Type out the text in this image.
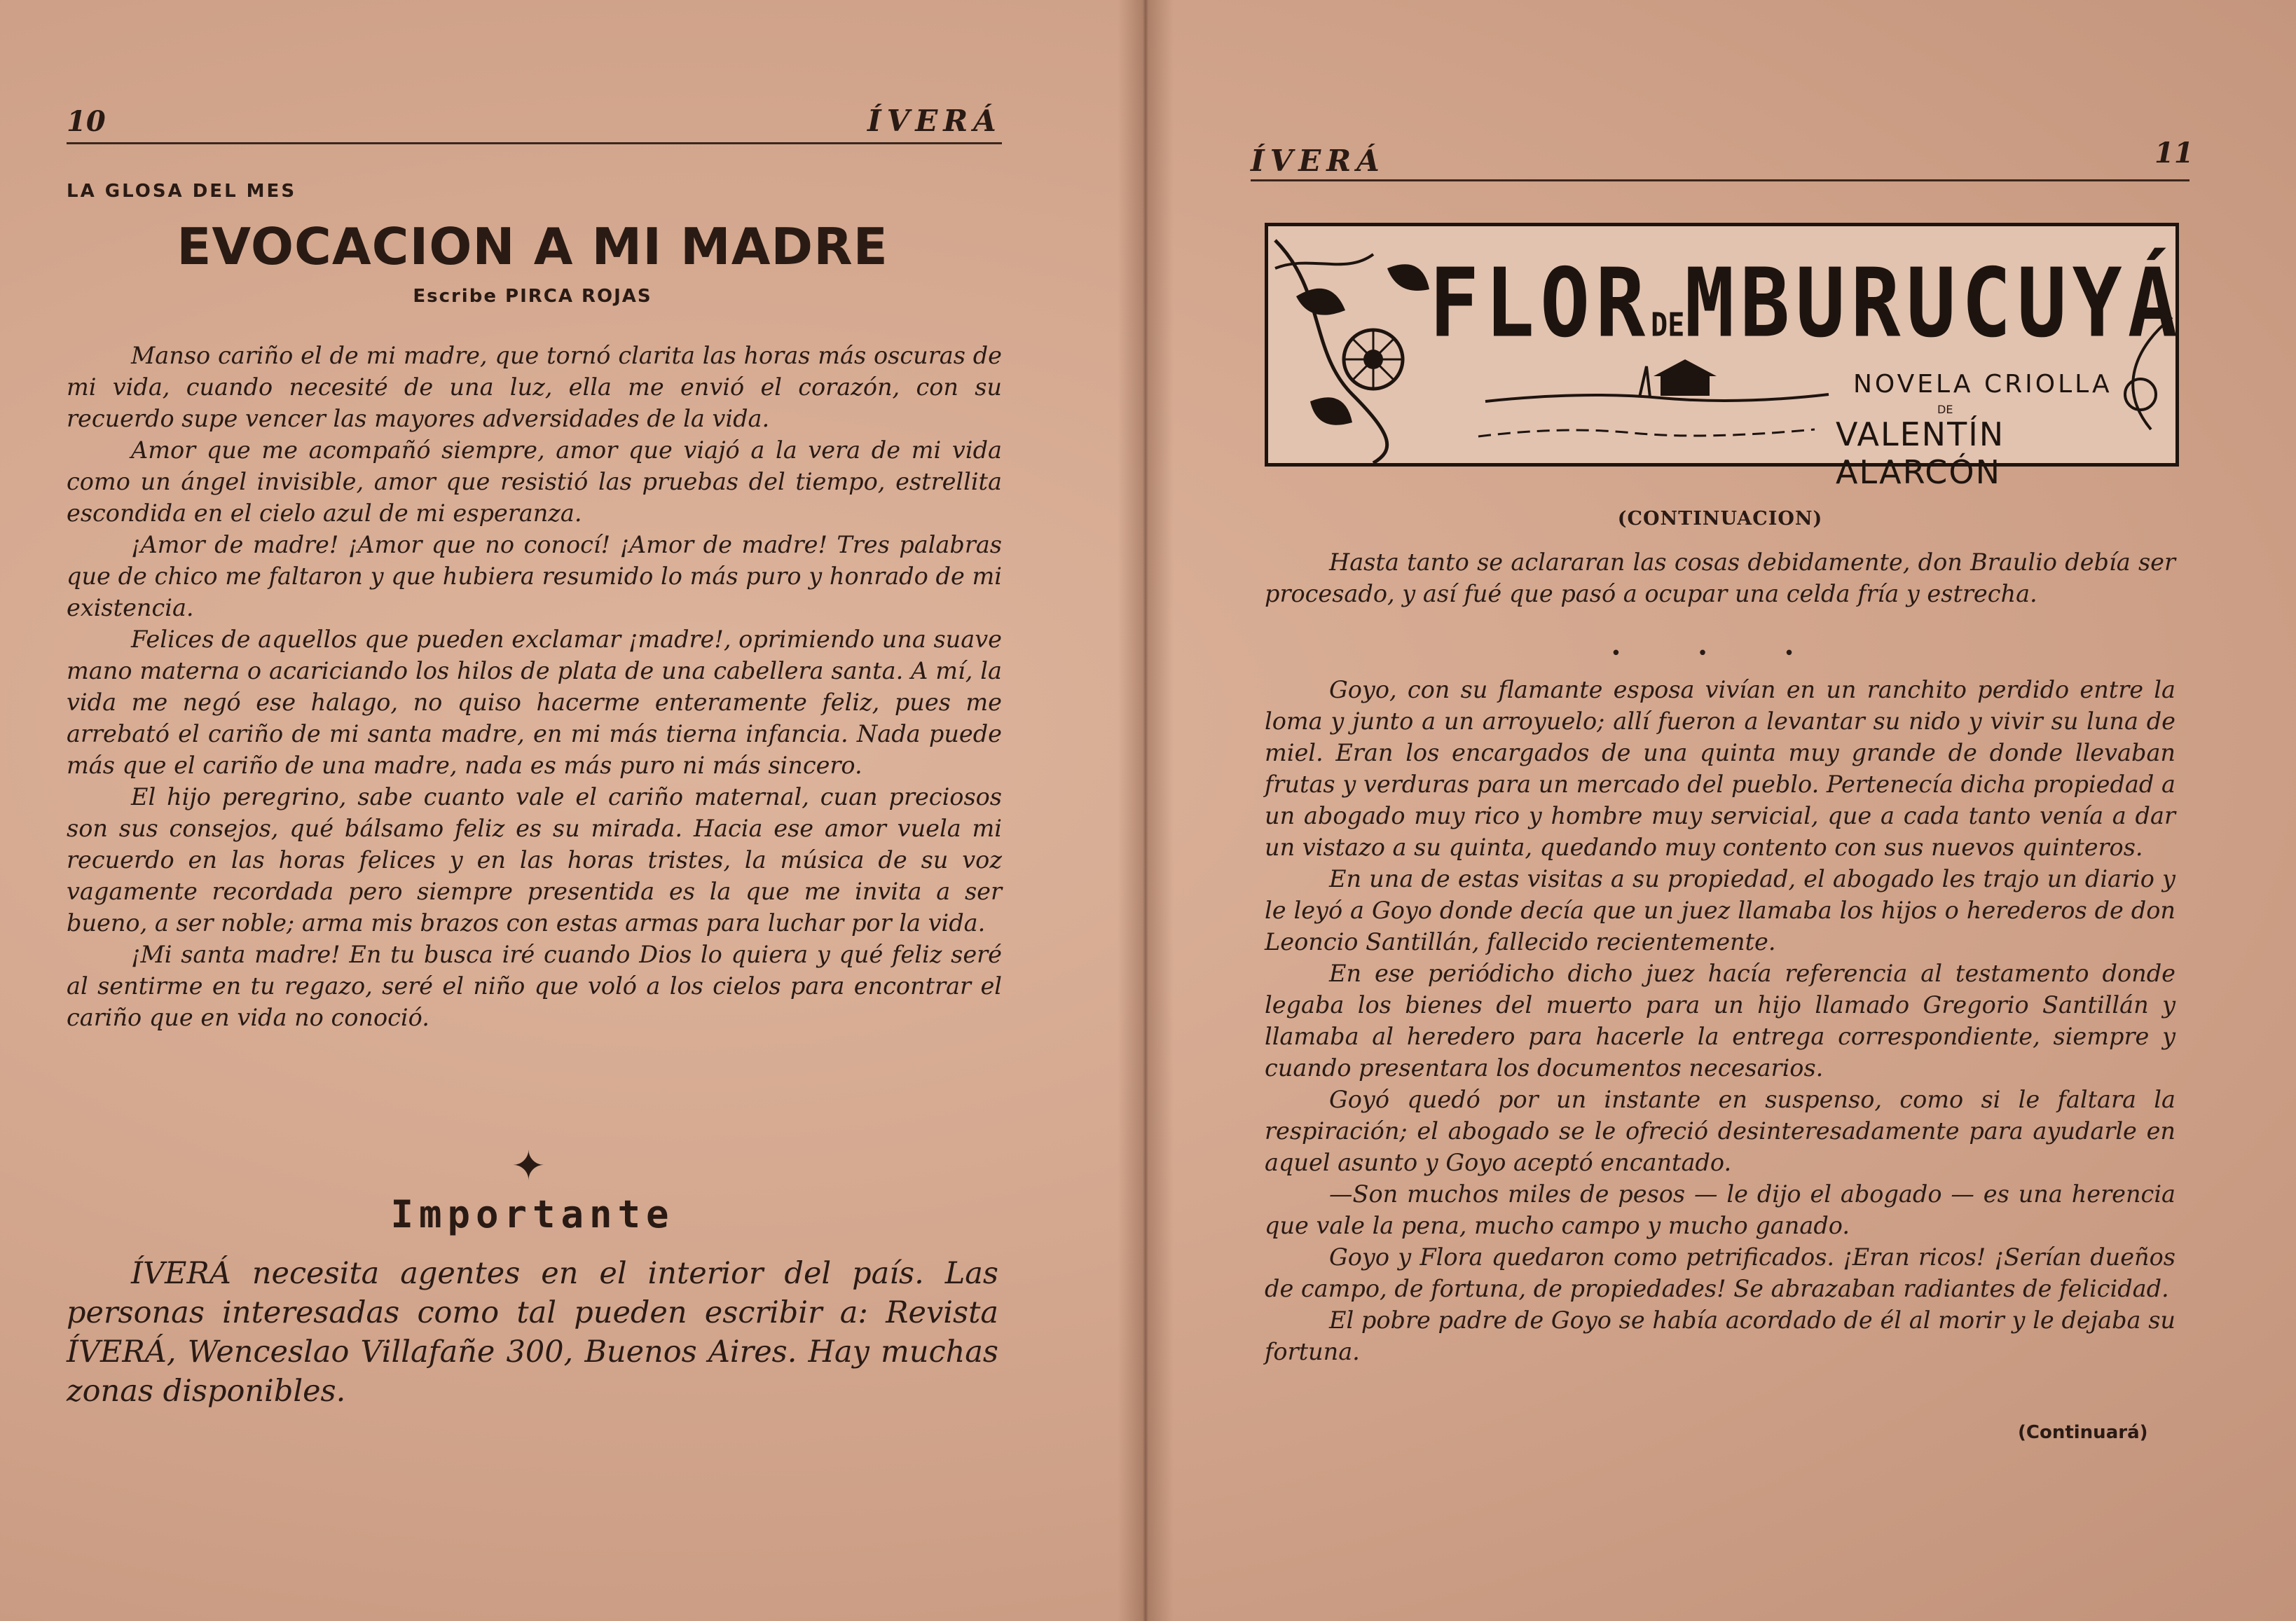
10	ÍVERÁ
LA GLOSA DEL MES
EVOCACION A MI MADRE
Escribe PIRCA ROJAS

Manso cariño el de mi madre, que tornó clarita las horas más oscuras de mi vida, cuando necesité de una luz, ella me envió el corazón, con su recuerdo supe vencer las mayores adversidades de la vida.

Amor que me acompañó siempre, amor que viajó a la vera de mi vida como un ángel invisible, amor que resistió las pruebas del tiempo, estrellita escondida en el cielo azul de mi esperanza.

¡Amor de madre! ¡Amor que no conocí! ¡Amor de madre! Tres palabras que de chico me faltaron y que hubiera resumido lo más puro y honrado de mi existencia.

Felices de aquellos que pueden exclamar ¡madre!, oprimiendo una suave mano materna o acariciando los hilos de plata de una cabellera santa. A mí, la vida me negó ese halago, no quiso hacerme enteramente feliz, pues me arrebató el cariño de mi santa madre, en mi más tierna infancia. Nada puede más que el cariño de una madre, nada es más puro ni más sincero.

El hijo peregrino, sabe cuanto vale el cariño maternal, cuan preciosos son sus consejos, qué bálsamo feliz es su mirada. Hacia ese amor vuela mi recuerdo en las horas felices y en las horas tristes, la música de su voz vagamente recordada pero siempre presentida es la que me invita a ser bueno, a ser noble; arma mis brazos con estas armas para luchar por la vida.

¡Mi santa madre! En tu busca iré cuando Dios lo quiera y qué feliz seré al sentirme en tu regazo, seré el niño que voló a los cielos para encontrar el cariño que en vida no conoció.

✦
Importante

ÍVERÁ necesita agentes en el interior del país. Las personas interesadas como tal pueden escribir a: Revista ÍVERÁ, Wenceslao Villafañe 300, Buenos Aires. Hay muchas zonas disponibles.

ÍVERÁ	11
FLORDEMBURUCUYÁ
NOVELA CRIOLLA
DE
VALENTÍN ALARCÓN
(CONTINUACION)

Hasta tanto se aclararan las cosas debidamente, don Braulio debía ser procesado, y así fué que pasó a ocupar una celda fría y estrecha.

• • •

Goyo, con su flamante esposa vivían en un ranchito perdido entre la loma y junto a un arroyuelo; allí fueron a levantar su nido y vivir su luna de miel. Eran los encargados de una quinta muy grande de donde llevaban frutas y verduras para un mercado del pueblo. Pertenecía dicha propiedad a un abogado muy rico y hombre muy servicial, que a cada tanto venía a dar un vistazo a su quinta, quedando muy contento con sus nuevos quinteros.

En una de estas visitas a su propiedad, el abogado les trajo un diario y le leyó a Goyo donde decía que un juez llamaba los hijos o herederos de don Leoncio Santillán, fallecido recientemente.

En ese periódicho dicho juez hacía referencia al testamento donde legaba los bienes del muerto para un hijo llamado Gregorio Santillán y llamaba al heredero para hacerle la entrega correspondiente, siempre y cuando presentara los documentos necesarios.

Goyó quedó por un instante en suspenso, como si le faltara la respiración; el abogado se le ofreció desinteresadamente para ayudarle en aquel asunto y Goyo aceptó encantado.

—Son muchos miles de pesos — le dijo el abogado — es una herencia que vale la pena, mucho campo y mucho ganado.

Goyo y Flora quedaron como petrificados. ¡Eran ricos! ¡Serían dueños de campo, de fortuna, de propiedades! Se abrazaban radiantes de felicidad.

El pobre padre de Goyo se había acordado de él al morir y le dejaba su fortuna.

(Continuará)
